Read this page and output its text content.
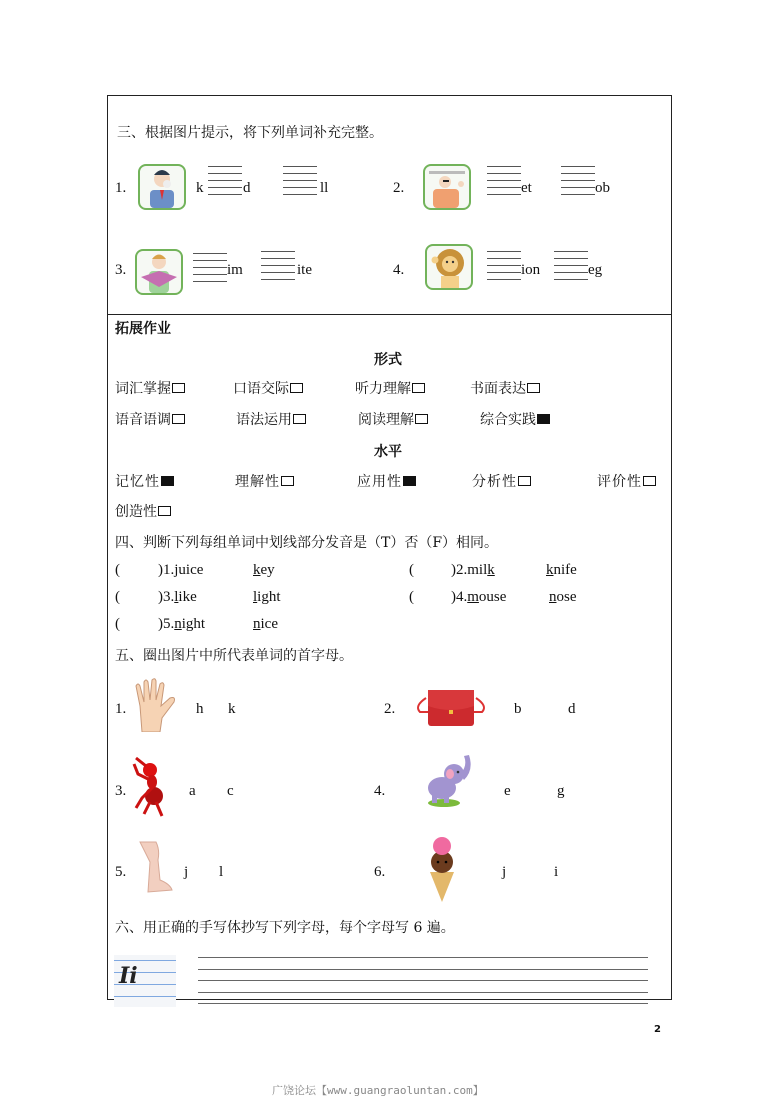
三、根据图片提示，将下列单词补充完整。
1.	k	d	ll	2.	et	ob
3.	im	ite	4.	ion	eg
拓展作业
形式
词汇掌握	口语交际	听力理解	书面表达
语音语调	语法运用	阅读理解	综合实践
水平
记忆性	理解性	应用性	分析性	评价性
创造性
四、判断下列每组单词中划线部分发音是（T）否（F）相同。
(	)1.juice	key	( )2.milk	knife
(	)3.like	light	( )4.mouse	nose
(	)5.night	nice
五、圈出图片中所代表单词的首字母。
1.	h k	2.	b	d
3.	a c	4.	e	g
5.	j l	6.	j	i
六、用正确的手写体抄写下列字母，每个字母写 6 遍。
Ii
2
广饶论坛【www.guangraoluntan.com】
